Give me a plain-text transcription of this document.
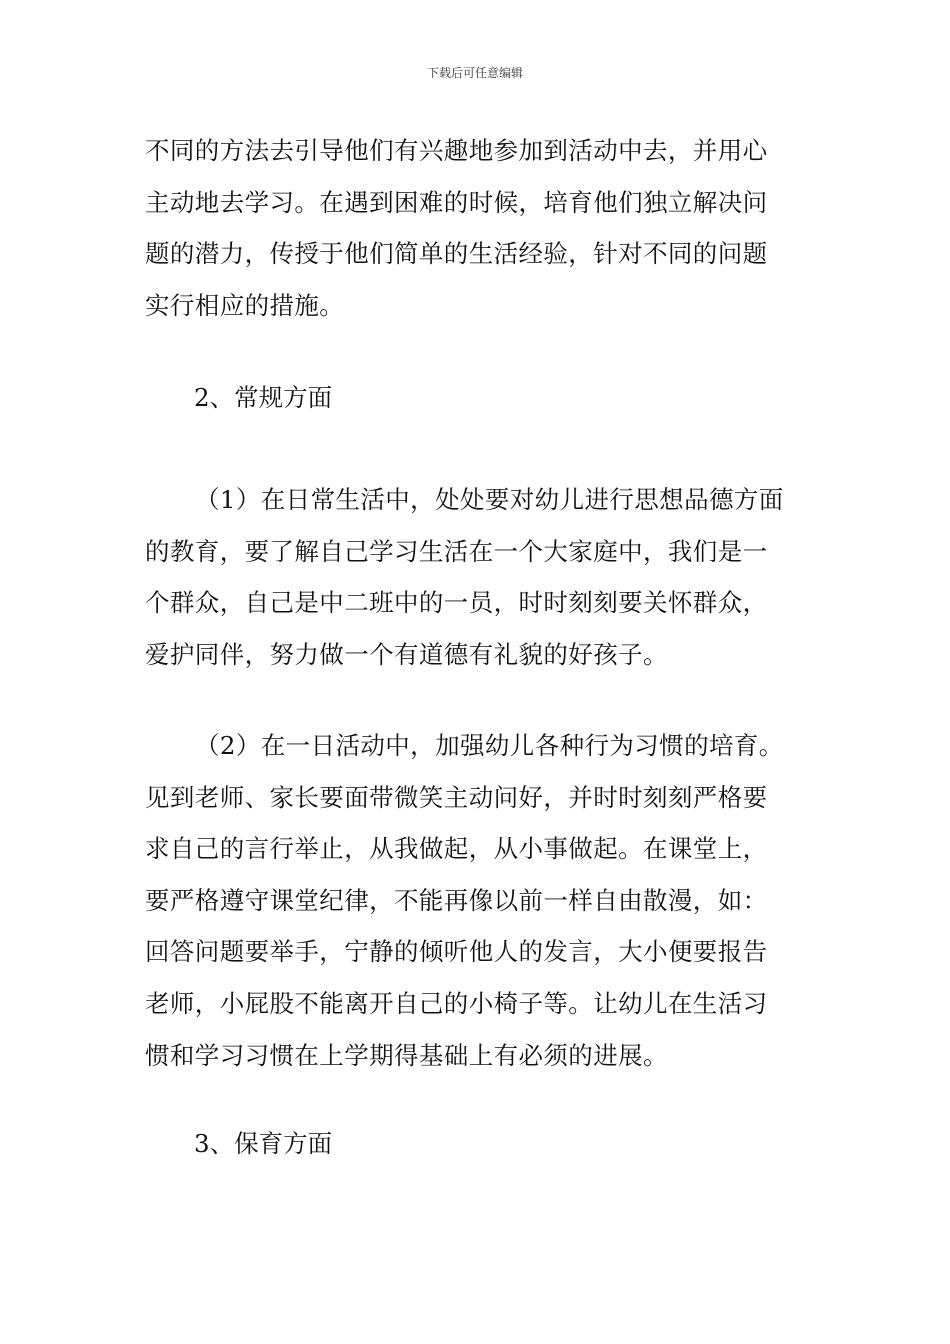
下载后可任意编辑
不同的方法去引导他们有兴趣地参加到活动中去，并用心
主动地去学习。在遇到困难的时候，培育他们独立解决问
题的潜力，传授于他们简单的生活经验，针对不同的问题
实行相应的措施。
2、常规方面
（1）在日常生活中，处处要对幼儿进行思想品德方面
的教育，要了解自己学习生活在一个大家庭中，我们是一
个群众，自己是中二班中的一员，时时刻刻要关怀群众，
爱护同伴，努力做一个有道德有礼貌的好孩子。
（2）在一日活动中，加强幼儿各种行为习惯的培育。
见到老师、家长要面带微笑主动问好，并时时刻刻严格要
求自己的言行举止，从我做起，从小事做起。在课堂上，
要严格遵守课堂纪律，不能再像以前一样自由散漫，如：
回答问题要举手，宁静的倾听他人的发言，大小便要报告
老师，小屁股不能离开自己的小椅子等。让幼儿在生活习
惯和学习习惯在上学期得基础上有必须的进展。
3、保育方面
